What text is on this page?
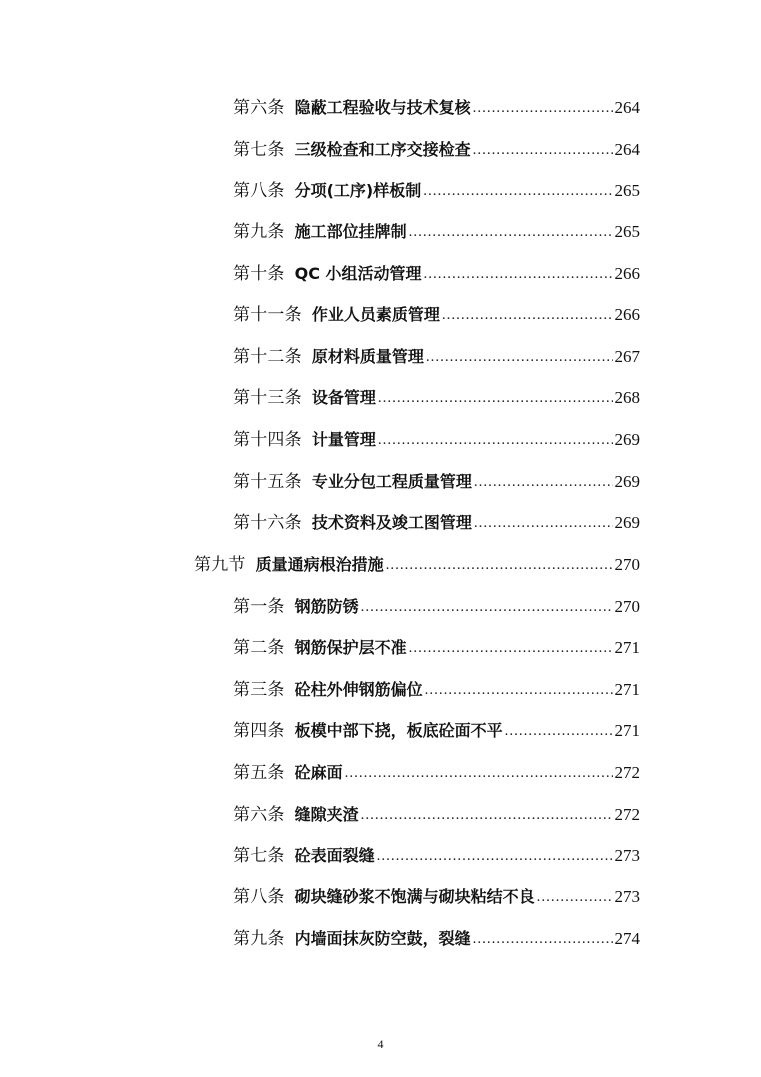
第六条 隐蔽工程验收与技术复核 .....	264
第七条 三级检查和工序交接检查 .....	264
第八条 分项(工序)样板制 .....	265
第九条 施工部位挂牌制 .....	265
第十条 QC 小组活动管理 .....	266
第十一条 作业人员素质管理 .....	266
第十二条 原材料质量管理 .....	267
第十三条 设备管理 .....	268
第十四条 计量管理 .....	269
第十五条 专业分包工程质量管理 .....	269
第十六条 技术资料及竣工图管理 .....	269
第九节 质量通病根治措施 .....	270
第一条 钢筋防锈 .....	270
第二条 钢筋保护层不准 .....	271
第三条 砼柱外伸钢筋偏位 .....	271
第四条 板模中部下挠，板底砼面不平 .....	271
第五条 砼麻面 .....	272
第六条 缝隙夹渣 .....	272
第七条 砼表面裂缝 .....	273
第八条 砌块缝砂浆不饱满与砌块粘结不良 .....	273
第九条 内墙面抹灰防空鼓，裂缝 .....	274
4
